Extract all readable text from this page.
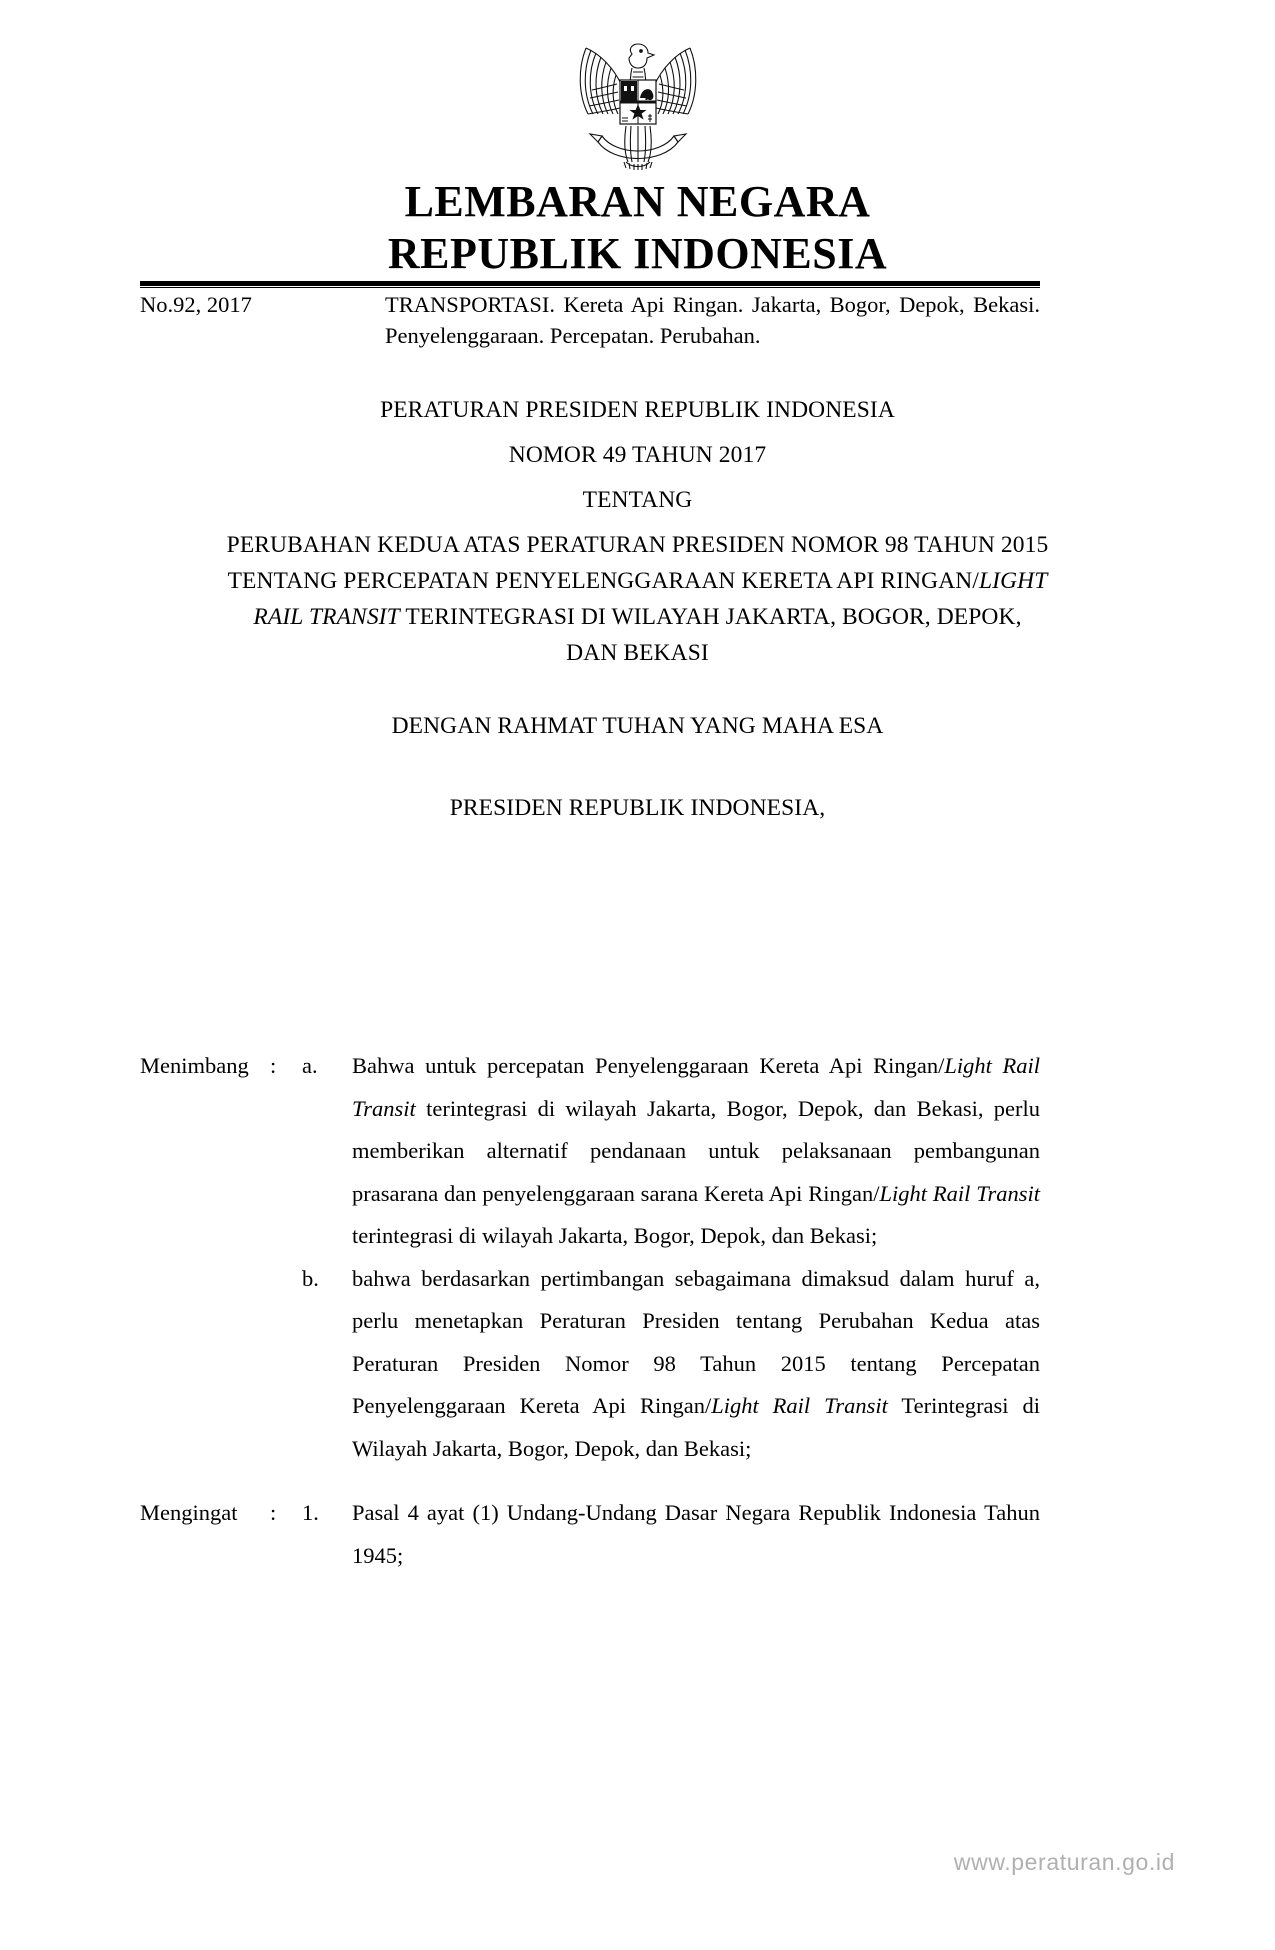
LEMBARAN NEGARA
REPUBLIK INDONESIA
No.92, 2017	TRANSPORTASI. Kereta Api Ringan. Jakarta, Bogor, Depok, Bekasi. Penyelenggaraan. Percepatan. Perubahan.
PERATURAN PRESIDEN REPUBLIK INDONESIA
NOMOR 49 TAHUN 2017
TENTANG
PERUBAHAN KEDUA ATAS PERATURAN PRESIDEN NOMOR 98 TAHUN 2015
TENTANG PERCEPATAN PENYELENGGARAAN KERETA API RINGAN/LIGHT
RAIL TRANSIT TERINTEGRASI DI WILAYAH JAKARTA, BOGOR, DEPOK,
DAN BEKASI
DENGAN RAHMAT TUHAN YANG MAHA ESA
PRESIDEN REPUBLIK INDONESIA,
Menimbang :	a.	Bahwa untuk percepatan Penyelenggaraan Kereta Api Ringan/Light Rail Transit terintegrasi di wilayah Jakarta, Bogor, Depok, dan Bekasi, perlu memberikan alternatif pendanaan untuk pelaksanaan pembangunan prasarana dan penyelenggaraan sarana Kereta Api Ringan/Light Rail Transit terintegrasi di wilayah Jakarta, Bogor, Depok, dan Bekasi;
b.	bahwa berdasarkan pertimbangan sebagaimana dimaksud dalam huruf a, perlu menetapkan Peraturan Presiden tentang Perubahan Kedua atas Peraturan Presiden Nomor 98 Tahun 2015 tentang Percepatan Penyelenggaraan Kereta Api Ringan/Light Rail Transit Terintegrasi di Wilayah Jakarta, Bogor, Depok, dan Bekasi;
Mengingat	:	1.	Pasal 4 ayat (1) Undang-Undang Dasar Negara Republik Indonesia Tahun 1945;
www.peraturan.go.id
